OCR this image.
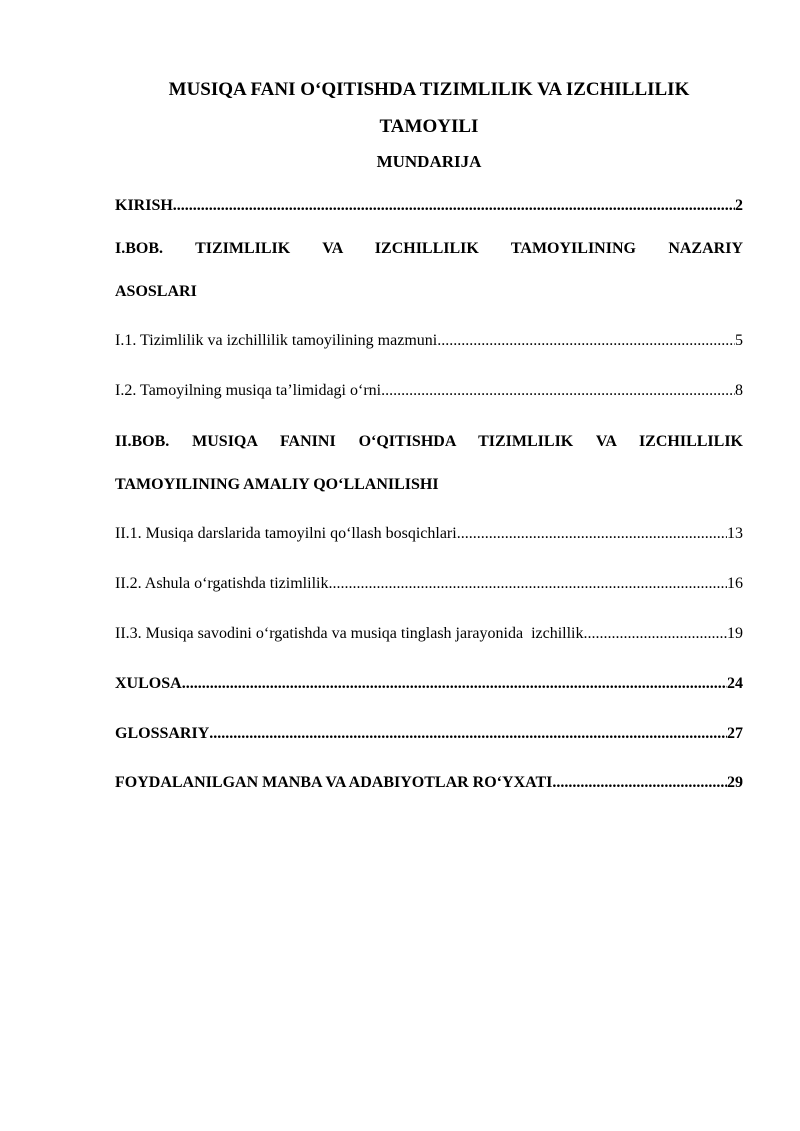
MUSIQA FANI O‘QITISHDA TIZIMLILIK VA IZCHILLILIK
TAMOYILI
MUNDARIJA
KIRISH .....	2
I.BOB. TIZIMLILIK VA IZCHILLILIK TAMOYILINING NAZARIY
ASOSLARI
I.1. Tizimlilik va izchillilik tamoyilining mazmuni .....	5
I.2. Tamoyilning musiqa ta’limidagi o‘rni .....	8
II.BOB. MUSIQA FANINI O‘QITISHDA TIZIMLILIK VA IZCHILLILIK
TAMOYILINING AMALIY QO‘LLANILISHI
II.1. Musiqa darslarida tamoyilni qo‘llash bosqichlari .....	13
II.2. Ashula o‘rgatishda tizimlilik .....	16
II.3. Musiqa savodini o‘rgatishda va musiqa tinglash jarayonida  izchillik .....	19
XULOSA .....	24
GLOSSARIY .....	27
FOYDALANILGAN MANBA VA ADABIYOTLAR RO‘YXATI .....	29
